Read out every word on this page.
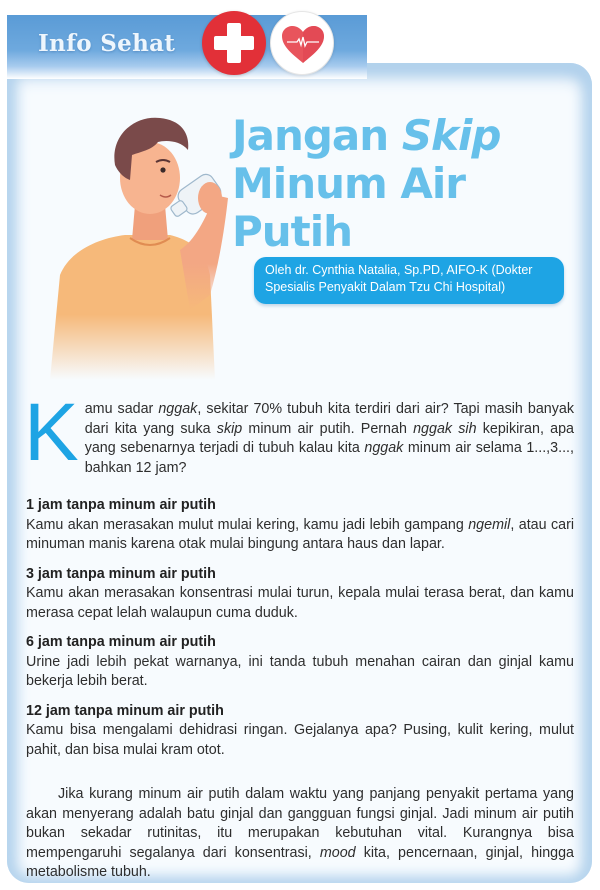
Info Sehat
Jangan Skip
Minum Air Putih
Oleh dr. Cynthia Natalia, Sp.PD, AIFO-K (Dokter Spesialis Penyakit Dalam Tzu Chi Hospital)

Kamu sadar nggak, sekitar 70% tubuh kita terdiri dari air? Tapi masih banyak dari kita yang suka skip minum air putih. Pernah nggak sih kepikiran, apa yang sebenarnya terjadi di tubuh kalau kita nggak minum air selama 1...,3..., bahkan 12 jam?

1 jam tanpa minum air putih
Kamu akan merasakan mulut mulai kering, kamu jadi lebih gampang ngemil, atau cari minuman manis karena otak mulai bingung antara haus dan lapar.
3 jam tanpa minum air putih
Kamu akan merasakan konsentrasi mulai turun, kepala mulai terasa berat, dan kamu merasa cepat lelah walaupun cuma duduk.
6 jam tanpa minum air putih
Urine jadi lebih pekat warnanya, ini tanda tubuh menahan cairan dan ginjal kamu bekerja lebih berat.
12 jam tanpa minum air putih
Kamu bisa mengalami dehidrasi ringan. Gejalanya apa? Pusing, kulit kering, mulut pahit, dan bisa mulai kram otot.

Jika kurang minum air putih dalam waktu yang panjang penyakit pertama yang akan menyerang adalah batu ginjal dan gangguan fungsi ginjal. Jadi minum air putih bukan sekadar rutinitas, itu merupakan kebutuhan vital. Kurangnya bisa mempengaruhi segalanya dari konsentrasi, mood kita, pencernaan, ginjal, hingga metabolisme tubuh.
